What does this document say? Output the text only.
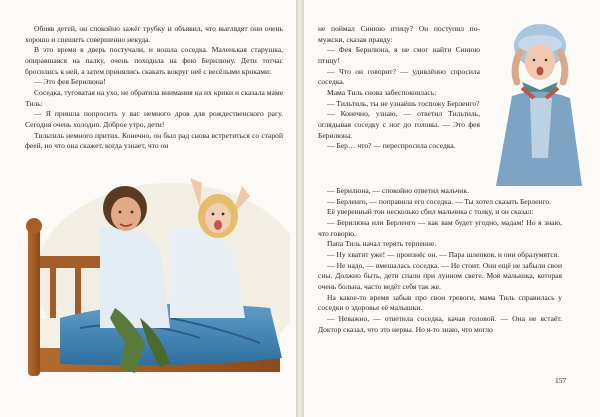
Обняв детей, он спокойно зажёг трубку и объявил, что выглядят они очень хорошо и спешить совершенно некуда.

В это время в дверь постучали, и вошла соседка. Маленькая старушка, опиравшаяся на палку, очень походила на фею Берилюну. Дети тотчас бросились к ней, а затем принялись скакать вокруг неё с весёлыми криками:

— Это фея Берилюна!

Соседка, туговатая на ухо, не обратила внимания на их крики и сказала маме Тиль:

— Я пришла попросить у вас немного дров для рождественского рагу. Сегодня очень холодно. Доброе утро, дети!

Тильтиль немного притих. Конечно, он был рад снова встретиться со старой феей, но что она скажет, когда узнает, что он

не поймал Синюю птицу? Он поступил по-мужски, сказав правду:

— Фея Берилюна, я не смог найти Синюю птицу!

— Что он говорит? — удивлённо спросила соседка.

Мама Тиль снова забеспокоилась:

— Тильтиль, ты не узнаёшь госпожу Берленго?

— Конечно, узнаю, — ответил Тильтиль, оглядывая соседку с ног до головы. — Это фея Берилюна.

— Бер… что? — переспросила соседка.

— Берилюна, — спокойно ответил мальчик.

— Берленго, — поправила его соседка. — Ты хотел сказать Берленго.

Её уверенный тон несколько сбил мальчика с толку, и он сказал:

— Берилюна или Берленго — как вам будет угодно, мадам! Но я знаю, что говорю.

Папа Тиль начал терять терпение.

— Ну хватит уже! — произнёс он. — Пара шлепков, и они образумятся.

— Не надо, — вмешалась соседка. — Не стоит. Они ещё не забыли свои сны. Должно быть, дети спали при лунном свете. Моя малышка, которая очень больна, часто ведёт себя так же.

На какое-то время забыв про свои тревоги, мама Тиль справилась у соседки о здоровье её малышки.

— Неважно, — ответила соседка, качая головой. — Она не встаёт. Доктор сказал, что это нервы. Но я-то знаю, что могло

157
